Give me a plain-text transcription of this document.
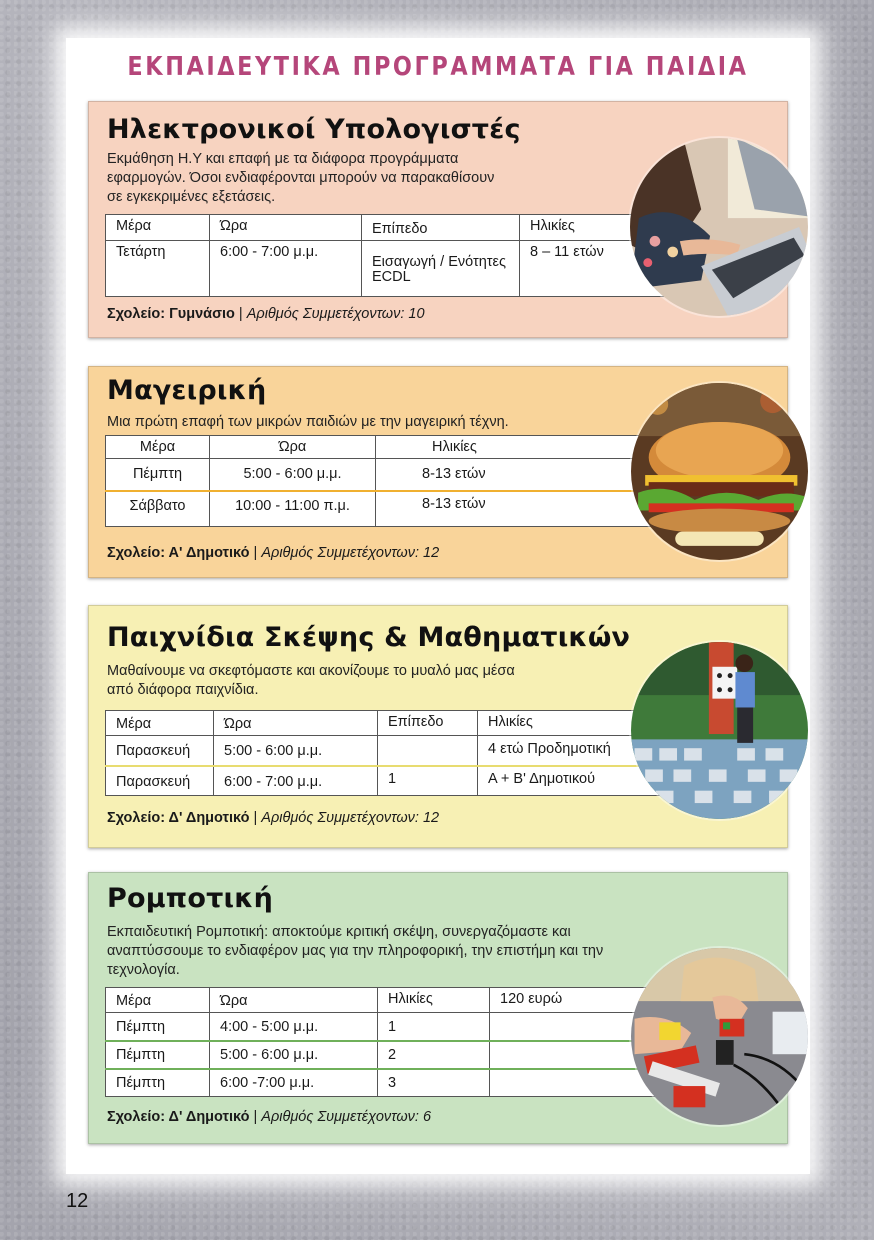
ΕΚΠΑΙΔΕΥΤΙΚΑ ΠΡΟΓΡΑΜΜΑΤΑ ΓΙΑ ΠΑΙΔΙΑ
Ηλεκτρονικοί Υπολογιστές
Εκμάθηση Η.Υ και επαφή με τα διάφορα προγράμματα εφαρμογών. Όσοι ενδιαφέρονται μπορούν να παρακαθίσουν σε εγκεκριμένες εξετάσεις.
Μέρα	Ώρα	Επίπεδο	Ηλικίες
Τετάρτη	6:00 - 7:00 μ.μ.	Εισαγωγή / Ενότητες ECDL	8 – 11 ετών
Σχολείο: Γυμνάσιο | Αριθμός Συμμετέχοντων: 10
Μαγειρική
Μια πρώτη επαφή των μικρών παιδιών με την μαγειρική τέχνη.
Μέρα	Ώρα	Ηλικίες
Πέμπτη	5:00 - 6:00 μ.μ.	8-13 ετών
Σάββατο	10:00 - 11:00 π.μ.	8-13 ετών
Σχολείο: Α' Δημοτικό | Αριθμός Συμμετέχοντων: 12
Παιχνίδια Σκέψης & Μαθηματικών
Μαθαίνουμε να σκεφτόμαστε και ακονίζουμε το μυαλό μας μέσα από διάφορα παιχνίδια.
Μέρα	Ώρα	Επίπεδο	Ηλικίες
Παρασκευή	5:00 - 6:00 μ.μ.		4 ετώ Προδημοτική
Παρασκευή	6:00 - 7:00 μ.μ.	1	Α + Β' Δημοτικού
Σχολείο: Δ' Δημοτικό | Αριθμός Συμμετέχοντων: 12
Ρομποτική
Εκπαιδευτική Ρομποτική: αποκτούμε κριτική σκέψη, συνεργαζόμαστε και αναπτύσσουμε το ενδιαφέρον μας για την πληροφορική, την επιστήμη και την τεχνολογία.
Μέρα	Ώρα	Ηλικίες	120 ευρώ
Πέμπτη	4:00 - 5:00 μ.μ.	1	
Πέμπτη	5:00 - 6:00 μ.μ.	2	
Πέμπτη	6:00 -7:00 μ.μ.	3	
Σχολείο: Δ' Δημοτικό | Αριθμός Συμμετέχοντων: 6
12
